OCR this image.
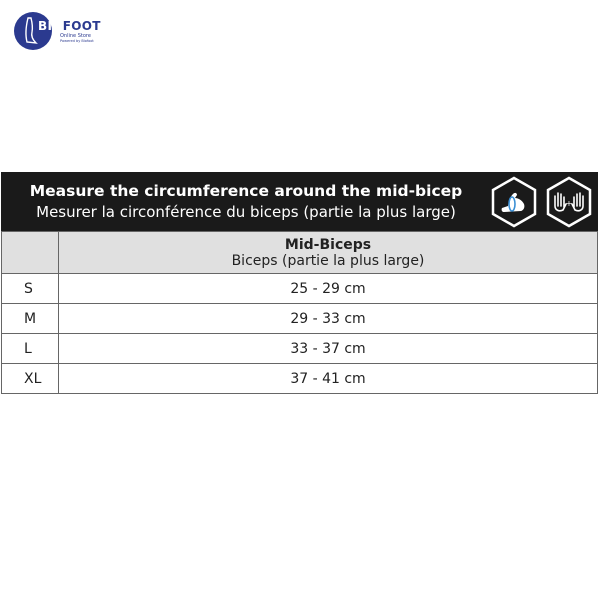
BIOFOOT
Online Store
Powered by Biofoot
Measure the circumference around the mid-bicep
Mesurer la circonférence du biceps (partie la plus large)	+

	Mid-Biceps
Biceps (partie la plus large)

S	25 - 29 cm
M	29 - 33 cm
L	33 - 37 cm
XL	37 - 41 cm
